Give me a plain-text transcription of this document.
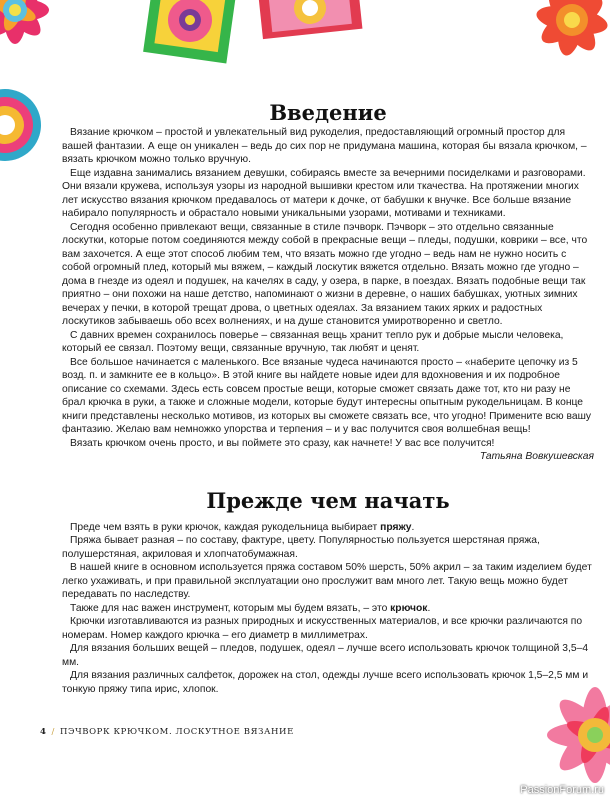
Введение

Вязание крючком – простой и увлекательный вид рукоделия, предоставляющий огромный простор для вашей фантазии. А еще он уникален – ведь до сих пор не придумана машина, которая бы вязала крючком, – вязать крючком можно только вручную.

Еще издавна занимались вязанием девушки, собираясь вместе за вечерними посиделками и разговорами. Они вязали кружева, используя узоры из народной вышивки крестом или ткачества. На протяжении многих лет искусство вязания крючком предавалось от матери к дочке, от бабушки к внучке. Все больше вязание набирало популярность и обрастало новыми уникальными узорами, мотивами и техниками.

Сегодня особенно привлекают вещи, связанные в стиле пэчворк. Пэчворк – это отдельно связанные лоскутки, которые потом соединяются между собой в прекрасные вещи – пледы, подушки, коврики – все, что вам захочется. А еще этот способ любим тем, что вязать можно где угодно – ведь нам не нужно носить с собой огромный плед, который мы вяжем, – каждый лоскутик вяжется отдельно. Вязать можно где угодно – дома в гнезде из одеял и подушек, на качелях в саду, у озера, в парке, в поездах. Вязать подобные вещи так приятно – они похожи на наше детство, напоминают о жизни в деревне, о наших бабушках, уютных зимних вечерах у печки, в которой трещат дрова, о цветных одеялах. За вязанием таких ярких и радостных лоскутиков забываешь обо всех волнениях, и на душе становится умиротворенно и светло.

С давних времен сохранилось поверье – связанная вещь хранит тепло рук и добрые мысли человека, который ее связал. Поэтому вещи, связанные вручную, так любят и ценят.

Все большое начинается с маленького. Все вязаные чудеса начинаются просто – «наберите цепочку из 5 возд. п. и замкните ее в кольцо». В этой книге вы найдете новые идеи для вдохновения и их подробное описание со схемами. Здесь есть совсем простые вещи, которые сможет связать даже тот, кто ни разу не брал крючка в руки, а также и сложные модели, которые будут интересны опытным рукодельницам. В конце книги представлены несколько мотивов, из которых вы сможете связать все, что угодно! Примените всю вашу фантазию. Желаю вам немножко упорства и терпения – и у вас получится своя волшебная вещь!

Вязать крючком очень просто, и вы поймете это сразу, как начнете! У вас все получится!

Татьяна Вовкушевская

Прежде чем начать

Преде чем взять в руки крючок, каждая рукодельница выбирает пряжу.

Пряжа бывает разная – по составу, фактуре, цвету. Популярностью пользуется шерстяная пряжа, полушерстяная, акриловая и хлопчатобумажная.

В нашей книге в основном используется пряжа составом 50% шерсть, 50% акрил – за таким изделием будет легко ухаживать, и при правильной эксплуатации оно прослужит вам много лет. Такую вещь можно будет передавать по наследству.

Также для нас важен инструмент, которым мы будем вязать, – это крючок.

Крючки изготавливаются из разных природных и искусственных материалов, и все крючки различаются по номерам. Номер каждого крючка – его диаметр в миллиметрах.

Для вязания больших вещей – пледов, подушек, одеял – лучше всего использовать крючок толщиной 3,5–4 мм.

Для вязания различных салфеток, дорожек на стол, одежды лучше всего использовать крючок 1,5–2,5 мм и тонкую пряжу типа ирис, хлопок.

4 / ПЭЧВОРК КРЮЧКОМ. ЛОСКУТНОЕ ВЯЗАНИЕ
PassionForum.ru
